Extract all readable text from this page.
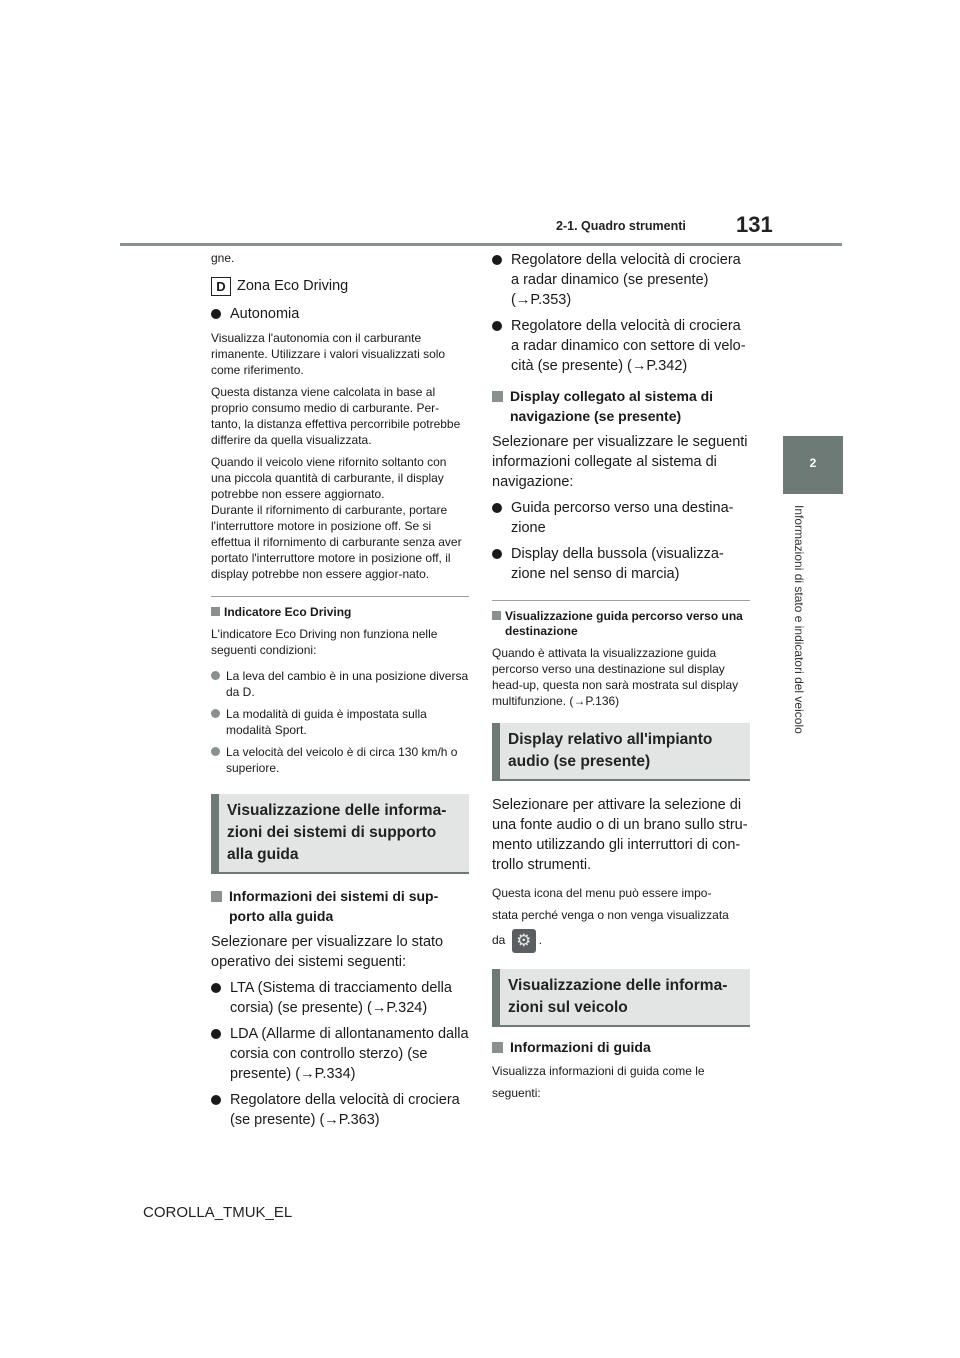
2-1. Quadro strumenti 131
2
Informazioni di stato e indicatori del veicolo

gne.

D Zona Eco Driving

Autonomia

Visualizza l'autonomia con il carburante rimanente. Utilizzare i valori visualizzati solo come riferimento.

Questa distanza viene calcolata in base al proprio consumo medio di carburante. Per-tanto, la distanza effettiva percorribile potrebbe differire da quella visualizzata.

Quando il veicolo viene rifornito soltanto con una piccola quantità di carburante, il display potrebbe non essere aggiornato.

Durante il rifornimento di carburante, portare l'interruttore motore in posizione off. Se si effettua il rifornimento di carburante senza aver portato l'interruttore motore in posizione off, il display potrebbe non essere aggior-nato.

Indicatore Eco Driving

L'indicatore Eco Driving non funziona nelle seguenti condizioni:

La leva del cambio è in una posizione diversa da D.

La modalità di guida è impostata sulla modalità Sport.

La velocità del veicolo è di circa 130 km/h o superiore.

Visualizzazione delle informa-zioni dei sistemi di supporto alla guida

Informazioni dei sistemi di sup-porto alla guida

Selezionare per visualizzare lo stato operativo dei sistemi seguenti:

LTA (Sistema di tracciamento della corsia) (se presente) (→P.324)

LDA (Allarme di allontanamento dalla corsia con controllo sterzo) (se presente) (→P.334)

Regolatore della velocità di crociera (se presente) (→P.363)

Regolatore della velocità di crociera a radar dinamico (se presente) (→P.353)

Regolatore della velocità di crociera a radar dinamico con settore di velo-cità (se presente) (→P.342)

Display collegato al sistema di navigazione (se presente)

Selezionare per visualizzare le seguenti informazioni collegate al sistema di navigazione:

Guida percorso verso una destina-zione

Display della bussola (visualizza-zione nel senso di marcia)

Visualizzazione guida percorso verso una destinazione

Quando è attivata la visualizzazione guida percorso verso una destinazione sul display head-up, questa non sarà mostrata sul display multifunzione. (→P.136)

Display relativo all'impianto audio (se presente)

Selezionare per attivare la selezione di una fonte audio o di un brano sullo stru-mento utilizzando gli interruttori di con-trollo strumenti.

Questa icona del menu può essere impo-

stata perché venga o non venga visualizzata

da ⚙	.

Visualizzazione delle informa-zioni sul veicolo

Informazioni di guida

Visualizza informazioni di guida come le

seguenti:

COROLLA_TMUK_EL
